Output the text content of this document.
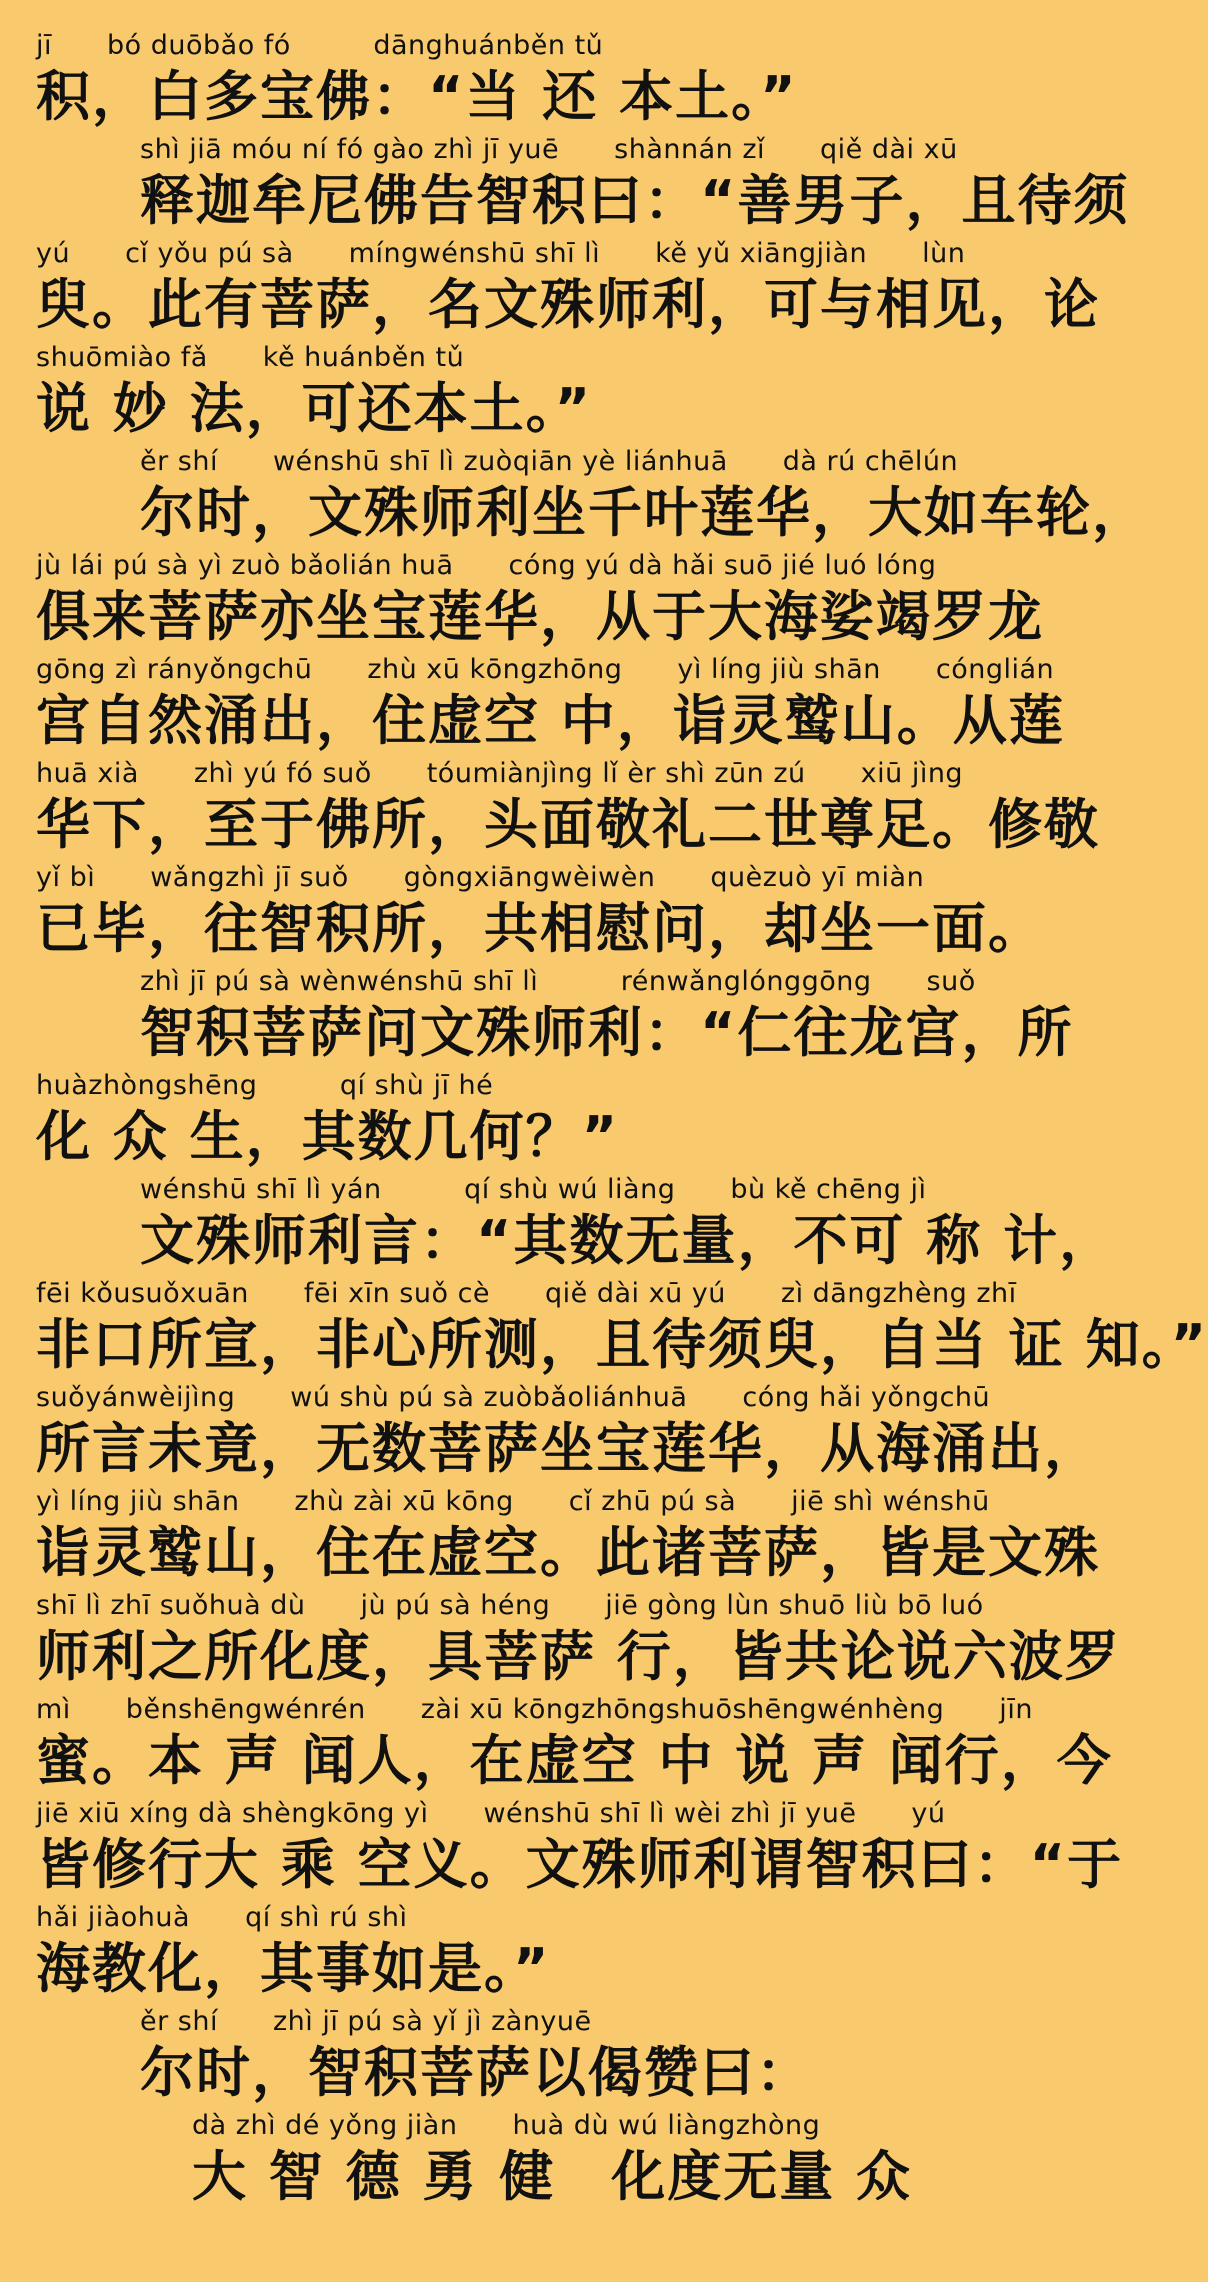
jī　　bó duōbǎo fó　　　dānghuánběn tǔ
积，白多宝佛：“当 还 本土。”
shì jiā móu ní fó gào zhì jī yuē　　shànnán zǐ　　qiě dài xū
释迦牟尼佛告智积曰：“善男子，且待须
yú　　cǐ yǒu pú sà　　míngwénshū shī lì　　kě yǔ xiāngjiàn　　lùn
臾。此有菩萨，名文殊师利，可与相见，论
shuōmiào fǎ　　kě huánběn tǔ
说 妙 法，可还本土。”
ěr shí　　wénshū shī lì zuòqiān yè liánhuā　　dà rú chēlún
尔时，文殊师利坐千叶莲华，大如车轮，
jù lái pú sà yì zuò bǎolián huā　　cóng yú dà hǎi suō jié luó lóng
俱来菩萨亦坐宝莲华，从于大海娑竭罗龙
gōng zì rányǒngchū　　zhù xū kōngzhōng　　yì líng jiù shān　　cónglián
宫自然涌出，住虚空 中，诣灵鹫山。从莲
huā xià　　zhì yú fó suǒ　　tóumiànjìng lǐ èr shì zūn zú　　xiū jìng
华下，至于佛所，头面敬礼二世尊足。修敬
yǐ bì　　wǎngzhì jī suǒ　　gòngxiāngwèiwèn　　quèzuò yī miàn
已毕，往智积所，共相慰问，却坐一面。
zhì jī pú sà wènwénshū shī lì　　　rénwǎnglónggōng　　suǒ
智积菩萨问文殊师利：“仁往龙宫，所
huàzhòngshēng　　　qí shù jī hé
化 众 生，其数几何？”
wénshū shī lì yán　　　qí shù wú liàng　　bù kě chēng jì
文殊师利言：“其数无量，不可 称 计，
fēi kǒusuǒxuān　　fēi xīn suǒ cè　　qiě dài xū yú　　zì dāngzhèng zhī
非口所宣，非心所测，且待须臾，自当 证 知。”
suǒyánwèijìng　　wú shù pú sà zuòbǎoliánhuā　　cóng hǎi yǒngchū
所言未竟，无数菩萨坐宝莲华，从海涌出，
yì líng jiù shān　　zhù zài xū kōng　　cǐ zhū pú sà　　jiē shì wénshū
诣灵鹫山，住在虚空。此诸菩萨，皆是文殊
shī lì zhī suǒhuà dù　　jù pú sà héng　　jiē gòng lùn shuō liù bō luó
师利之所化度，具菩萨 行，皆共论说六波罗
mì　　běnshēngwénrén　　zài xū kōngzhōngshuōshēngwénhèng　　jīn
蜜。本 声 闻人，在虚空 中 说 声 闻行，今
jiē xiū xíng dà shèngkōng yì　　wénshū shī lì wèi zhì jī yuē　　yú
皆修行大 乘 空义。文殊师利谓智积曰：“于
hǎi jiàohuà　　qí shì rú shì
海教化，其事如是。”
ěr shí　　zhì jī pú sà yǐ jì zànyuē
尔时，智积菩萨以偈赞曰：
dà zhì dé yǒng jiàn　　huà dù wú liàngzhòng
大 智 德 勇 健　化度无量 众
